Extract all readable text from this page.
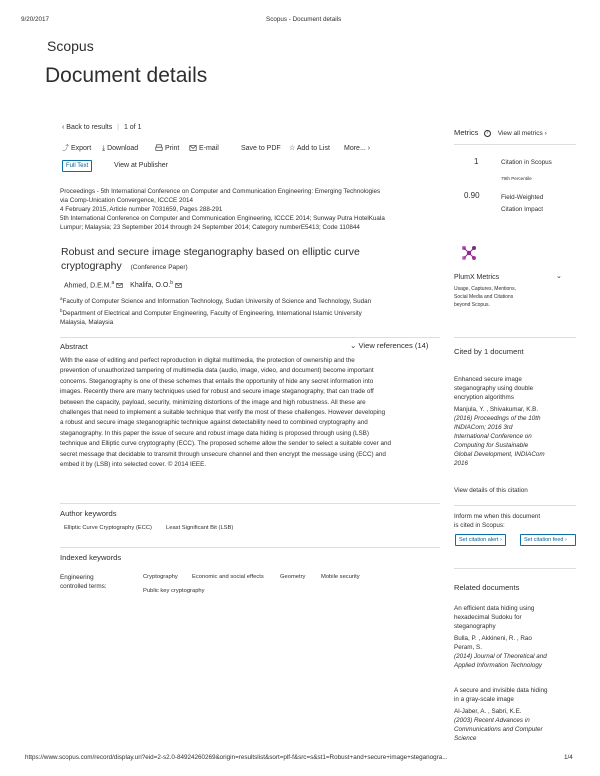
9/20/2017	Scopus - Document details
Scopus
Document details
‹ Back to results | 1 of 1
⤴ Export ⤓ Download	Print	E-mail	Save to PDF ☆ Add to List More... ›
Full Text	View at Publisher
Proceedings - 5th International Conference on Computer and Communication Engineering: Emerging Technologies
via Comp-Unication Convergence, ICCCE 2014
4 February 2015, Article number 7031659, Pages 288-291
5th International Conference on Computer and Communication Engineering, ICCCE 2014; Sunway Putra HotelKuala
Lumpur; Malaysia; 23 September 2014 through 24 September 2014; Category numberE5413; Code 110844
Robust and secure image steganography based on elliptic curve
cryptography (Conference Paper)
Ahmed, D.E.M.$^a$ Khalifa, O.O.$^b$
$^a$Faculty of Computer Science and Information Technology, Sudan University of Science and Technology, Sudan
$^b$Department of Electrical and Computer Engineering, Faculty of Engineering, International Islamic University
Malaysia, Malaysia
Abstract	⌄ View references (14)
With the ease of editing and perfect reproduction in digital multimedia, the protection of ownership and the
prevention of unauthorized tampering of multimedia data (audio, image, video, and document) become important
concerns. Steganography is one of these schemes that entails the opportunity of hide any secret information into
images. Recently there are many techniques used for robust and secure image steganography, that can trade off
between the capacity, payload, security, minimizing distortions of the image and high robustness. All these are
challenges that need to implement a suitable technique that verify the most of these challenges. However developing
a robust and secure image steganographic technique against detectability need to combined cryptography and
steganography. In this paper the issue of secure and robust image data hiding is proposed through using (LSB)
technique and Elliptic curve cryptography (ECC). The proposed scheme allow the sender to select a suitable cover and
secret message that decidable to transmit through unsecure channel and then encrypt the message using (ECC) and
embed it by (LSB) into selected cover. © 2014 IEEE.
Author keywords
Elliptic Curve Cryptography (ECC) Least Significant Bit (LSB)
Indexed keywords
Engineering
controlled terms:
Cryptography Economic and social effects	Geometry	Mobile security
Public key cryptography
Metrics ? View all metrics ›
1	Citation in Scopus
79th Percentile
0.90	Field-Weighted
Citation Impact
PlumX Metrics	⌄
Usage, Captures, Mentions,
Social Media and Citations
beyond Scopus.
Cited by 1 document
Enhanced secure image
steganography using double
encryption algorithms
Manjula, Y. , Shivakumar, K.B.
(2016) Proceedings of the 10th
INDIACom; 2016 3rd
International Conference on
Computing for Sustainable
Global Development, INDIACom
2016
View details of this citation
Inform me when this document
is cited in Scopus:
Set citation alert ›	Set citation feed ›
Related documents
An efficient data hiding using
hexadecimal Sudoku for
steganography
Bulla, P. , Akkineni, R. , Rao
Peram, S.
(2014) Journal of Theoretical and
Applied Information Technology
A secure and invisible data hiding
in a gray-scale image
Al-Jaber, A. , Sabri, K.E.
(2003) Recent Advances in
Communications and Computer
Science
https://www.scopus.com/record/display.uri?eid=2-s2.0-84924260269&origin=resultslist&sort=plf-f&src=s&st1=Robust+and+secure+image+steganogra...	1/4
